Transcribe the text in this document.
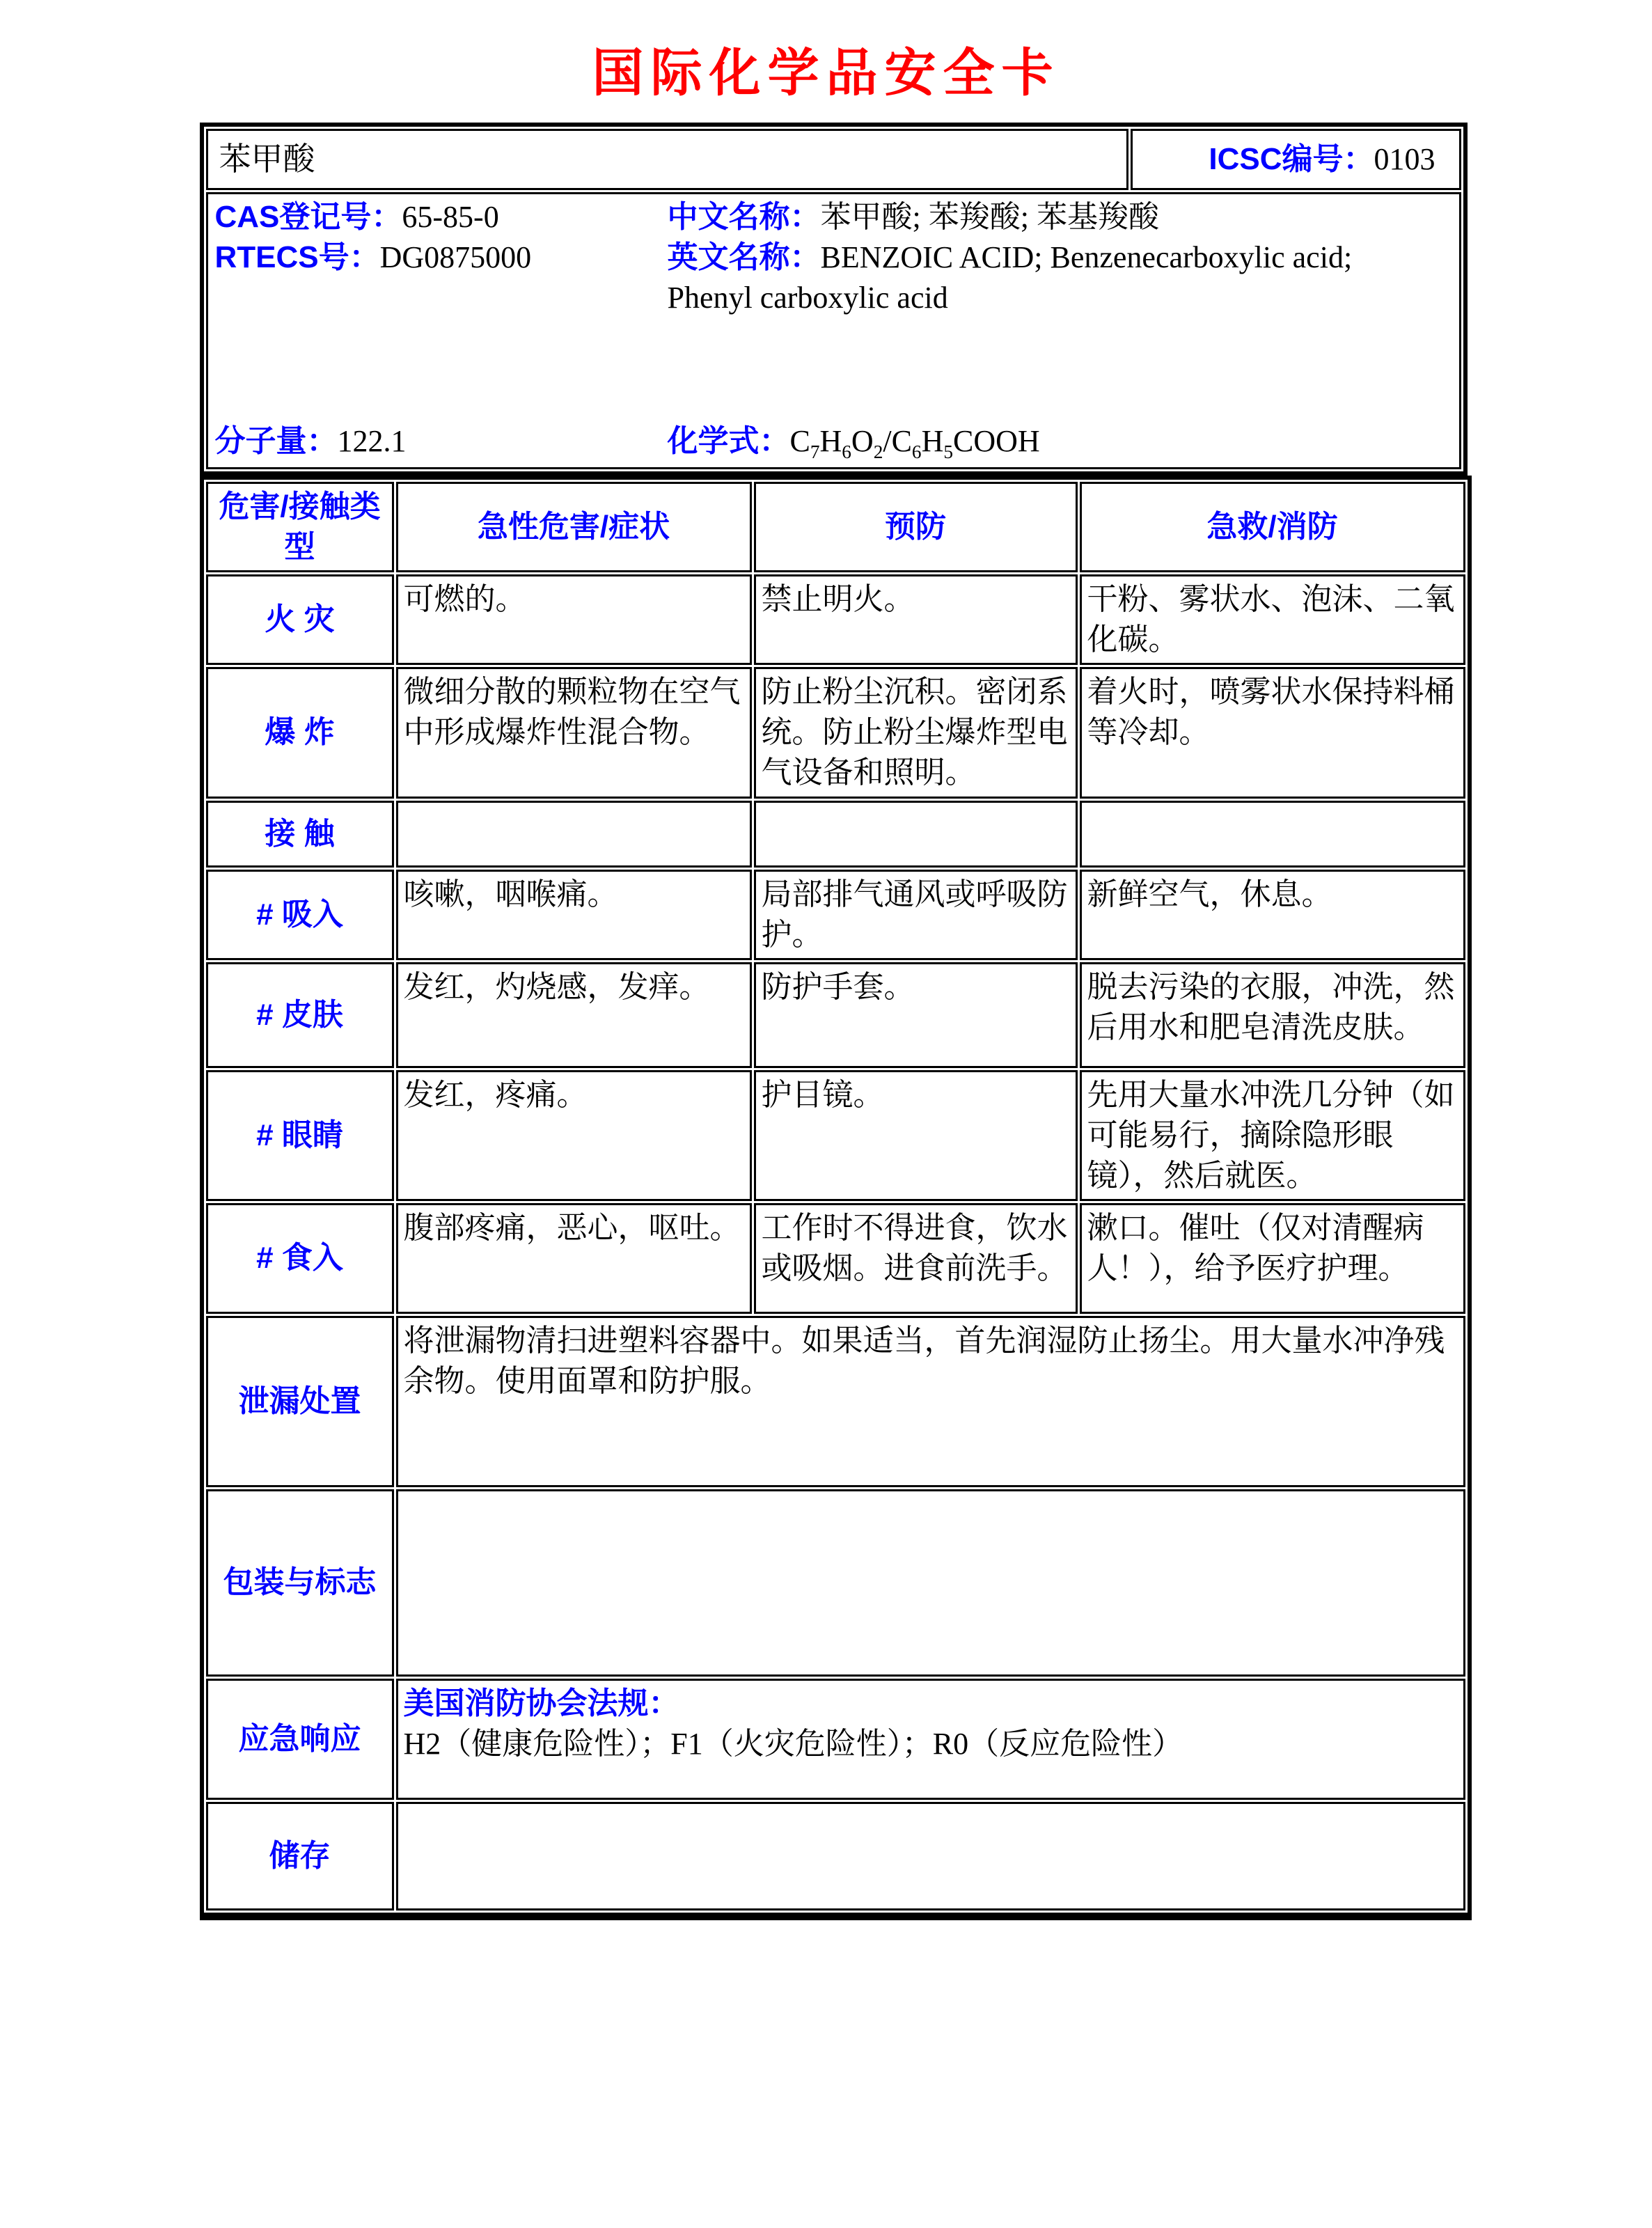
国际化学品安全卡
苯甲酸	ICSC编号：0103

CAS登记号：65-85-0

RTECS号：DG0875000

中文名称：苯甲酸; 苯羧酸; 苯基羧酸

英文名称：BENZOIC ACID; Benzenecarboxylic acid; Phenyl carboxylic acid

分子量：122.1	化学式：$C_7H_6O_2/C_6H_5COOH$
危害/接触类型	急性危害/症状	预防	急救/消防
火 灾	可燃的。	禁止明火。	干粉、雾状水、泡沫、二氧化碳。
爆 炸	微细分散的颗粒物在空气中形成爆炸性混合物。	防止粉尘沉积。密闭系统。防止粉尘爆炸型电气设备和照明。	着火时，喷雾状水保持料桶等冷却。
接 触			
# 吸入	咳嗽，咽喉痛。	局部排气通风或呼吸防护。	新鲜空气，休息。
# 皮肤	发红，灼烧感，发痒。	防护手套。	脱去污染的衣服，冲洗，然后用水和肥皂清洗皮肤。
# 眼睛	发红，疼痛。	护目镜。	先用大量水冲洗几分钟（如可能易行，摘除隐形眼镜），然后就医。
# 食入	腹部疼痛，恶心，呕吐。	工作时不得进食，饮水或吸烟。进食前洗手。	漱口。催吐（仅对清醒病人！），给予医疗护理。
泄漏处置	将泄漏物清扫进塑料容器中。如果适当，首先润湿防止扬尘。用大量水冲净残余物。使用面罩和防护服。		
包装与标志			
应急响应	美国消防协会法规：H2（健康危险性）；F1（火灾危险性）；R0（反应危险性）		
储存			
